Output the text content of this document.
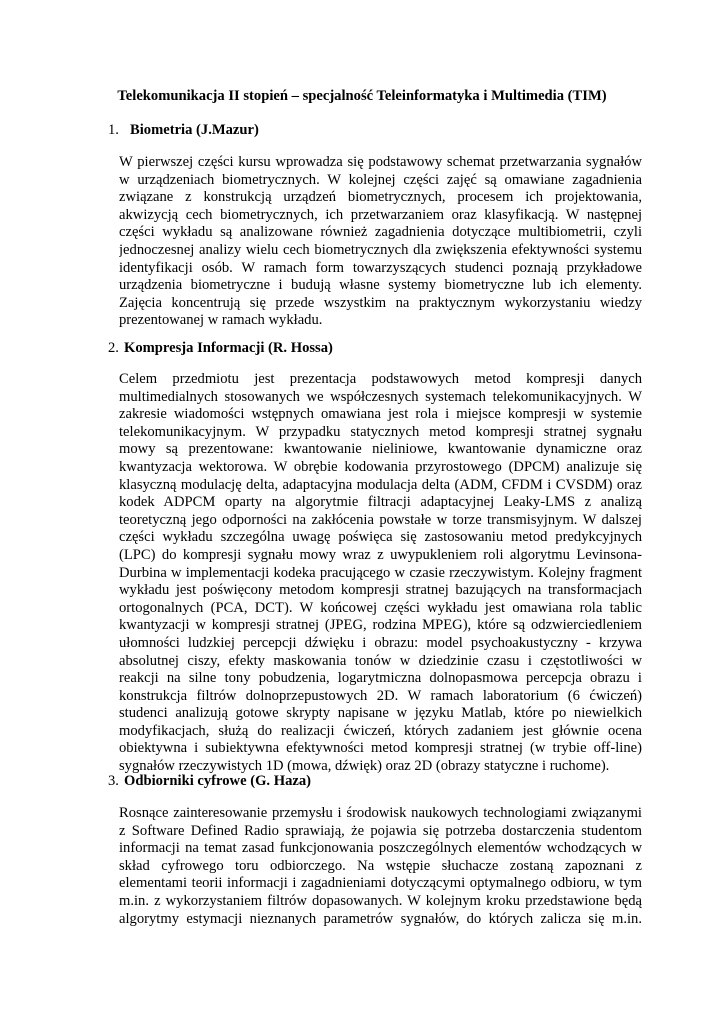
Telekomunikacja II stopień – specjalność Teleinformatyka i Multimedia (TIM)
1. Biometria (J.Mazur)
W pierwszej części kursu wprowadza się podstawowy schemat przetwarzania sygnałów
w urządzeniach biometrycznych. W kolejnej części zajęć są omawiane zagadnienia
związane z konstrukcją urządzeń biometrycznych, procesem ich projektowania,
akwizycją cech biometrycznych, ich przetwarzaniem oraz klasyfikacją. W następnej
części wykładu są analizowane również zagadnienia dotyczące multibiometrii, czyli
jednoczesnej analizy wielu cech biometrycznych dla zwiększenia efektywności systemu
identyfikacji osób. W ramach form towarzyszących studenci poznają przykładowe
urządzenia biometryczne i budują własne systemy biometryczne lub ich elementy.
Zajęcia koncentrują się przede wszystkim na praktycznym wykorzystaniu wiedzy
prezentowanej w ramach wykładu.
2. Kompresja Informacji (R. Hossa)
Celem przedmiotu jest prezentacja podstawowych metod kompresji danych
multimedialnych stosowanych we współczesnych systemach telekomunikacyjnych. W
zakresie wiadomości wstępnych omawiana jest rola i miejsce kompresji w systemie
telekomunikacyjnym. W przypadku statycznych metod kompresji stratnej sygnału
mowy są prezentowane: kwantowanie nieliniowe, kwantowanie dynamiczne oraz
kwantyzacja wektorowa. W obrębie kodowania przyrostowego (DPCM) analizuje się
klasyczną modulację delta, adaptacyjna modulacja delta (ADM, CFDM i CVSDM) oraz
kodek ADPCM oparty na algorytmie filtracji adaptacyjnej Leaky-LMS z analizą
teoretyczną jego odporności na zakłócenia powstałe w torze transmisyjnym. W dalszej
części wykładu szczególna uwagę poświęca się zastosowaniu metod predykcyjnych
(LPC) do kompresji sygnału mowy wraz z uwypukleniem roli algorytmu Levinsona-
Durbina w implementacji kodeka pracującego w czasie rzeczywistym. Kolejny fragment
wykładu jest poświęcony metodom kompresji stratnej bazujących na transformacjach
ortogonalnych (PCA, DCT). W końcowej części wykładu jest omawiana rola tablic
kwantyzacji w kompresji stratnej (JPEG, rodzina MPEG), które są odzwierciedleniem
ułomności ludzkiej percepcji dźwięku i obrazu: model psychoakustyczny - krzywa
absolutnej ciszy, efekty maskowania tonów w dziedzinie czasu i częstotliwości w
reakcji na silne tony pobudzenia, logarytmiczna dolnopasmowa percepcja obrazu i
konstrukcja filtrów dolnoprzepustowych 2D. W ramach laboratorium (6 ćwiczeń)
studenci analizują gotowe skrypty napisane w języku Matlab, które po niewielkich
modyfikacjach, służą do realizacji ćwiczeń, których zadaniem jest głównie ocena
obiektywna i subiektywna efektywności metod kompresji stratnej (w trybie off-line)
sygnałów rzeczywistych 1D (mowa, dźwięk) oraz 2D (obrazy statyczne i ruchome).
3. Odbiorniki cyfrowe (G. Haza)
Rosnące zainteresowanie przemysłu i środowisk naukowych technologiami związanymi
z Software Defined Radio sprawiają, że pojawia się potrzeba dostarczenia studentom
informacji na temat zasad funkcjonowania poszczególnych elementów wchodzących w
skład cyfrowego toru odbiorczego. Na wstępie słuchacze zostaną zapoznani z
elementami teorii informacji i zagadnieniami dotyczącymi optymalnego odbioru, w tym
m.in. z wykorzystaniem filtrów dopasowanych. W kolejnym kroku przedstawione będą
algorytmy estymacji nieznanych parametrów sygnałów, do których zalicza się m.in.
